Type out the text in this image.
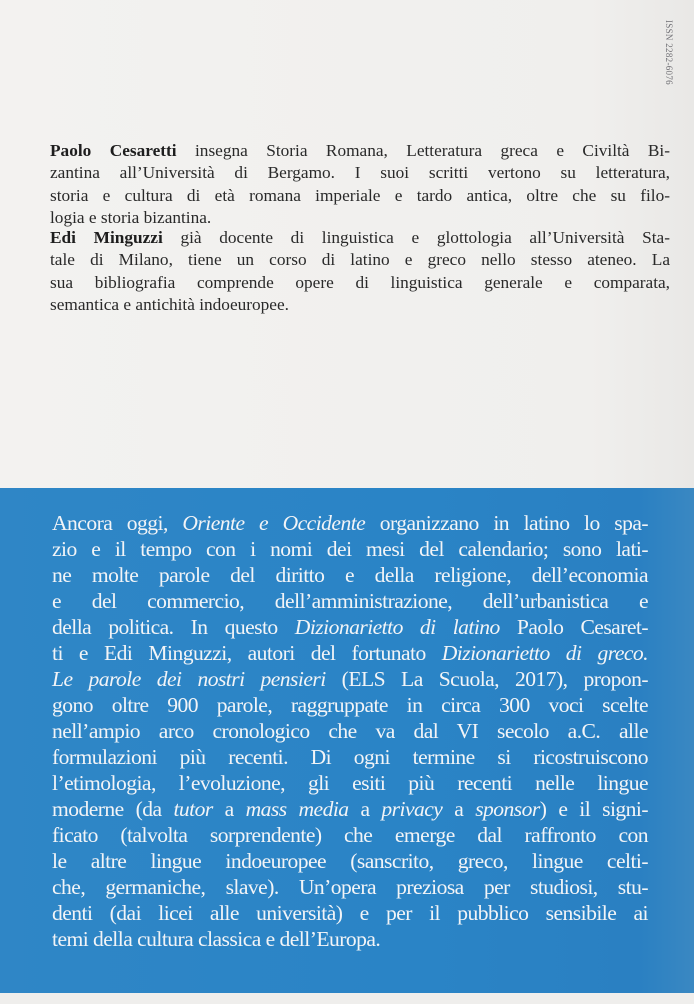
ISSN 2282-6076

Paolo Cesaretti insegna Storia Romana, Letteratura greca e Civiltà Bi-
zantina all’Università di Bergamo. I suoi scritti vertono su letteratura,
storia e cultura di età romana imperiale e tardo antica, oltre che su filo-
logia e storia bizantina.

Edi Minguzzi già docente di linguistica e glottologia all’Università Sta-
tale di Milano, tiene un corso di latino e greco nello stesso ateneo. La
sua bibliografia comprende opere di linguistica generale e comparata,
semantica e antichità indoeuropee.

Ancora oggi, Oriente e Occidente organizzano in latino lo spa-
zio e il tempo con i nomi dei mesi del calendario; sono lati-
ne molte parole del diritto e della religione, dell’economia
e del commercio, dell’amministrazione, dell’urbanistica e
della politica. In questo Dizionarietto di latino Paolo Cesaret-
ti e Edi Minguzzi, autori del fortunato Dizionarietto di greco.
Le parole dei nostri pensieri (ELS La Scuola, 2017), propon-
gono oltre 900 parole, raggruppate in circa 300 voci scelte
nell’ampio arco cronologico che va dal VI secolo a.C. alle
formulazioni più recenti. Di ogni termine si ricostruiscono
l’etimologia, l’evoluzione, gli esiti più recenti nelle lingue
moderne (da tutor a mass media a privacy a sponsor) e il signi-
ficato (talvolta sorprendente) che emerge dal raffronto con
le altre lingue indoeuropee (sanscrito, greco, lingue celti-
che, germaniche, slave). Un’opera preziosa per studiosi, stu-
denti (dai licei alle università) e per il pubblico sensibile ai
temi della cultura classica e dell’Europa.
